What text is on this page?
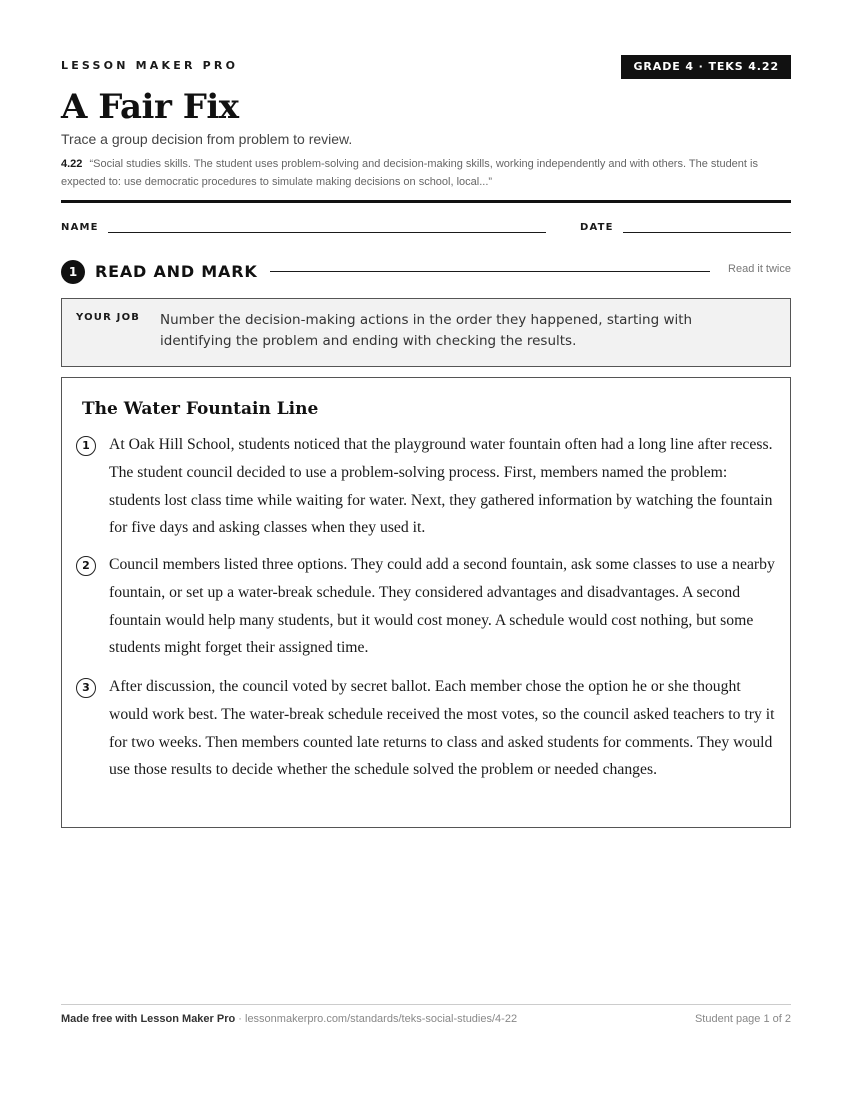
LESSON MAKER PRO	GRADE 4 · TEKS 4.22
A Fair Fix
Trace a group decision from problem to review.
4.22 “Social studies skills. The student uses problem-solving and decision-making skills, working independently and with others. The student is expected to: use democratic procedures to simulate making decisions on school, local...”
NAME	DATE
1	READ AND MARK	Read it twice
YOUR JOB Number the decision-making actions in the order they happened, starting with identifying the problem and ending with checking the results.
The Water Fountain Line
1	At Oak Hill School, students noticed that the playground water fountain often had a long line after recess. The student council decided to use a problem-solving process. First, members named the problem: students lost class time while waiting for water. Next, they gathered information by watching the fountain for five days and asking classes when they used it.
2	Council members listed three options. They could add a second fountain, ask some classes to use a nearby fountain, or set up a water-break schedule. They considered advantages and disadvantages. A second fountain would help many students, but it would cost money. A schedule would cost nothing, but some students might forget their assigned time.
3	After discussion, the council voted by secret ballot. Each member chose the option he or she thought would work best. The water-break schedule received the most votes, so the council asked teachers to try it for two weeks. Then members counted late returns to class and asked students for comments. They would use those results to decide whether the schedule solved the problem or needed changes.
Made free with Lesson Maker Pro · lessonmakerpro.com/standards/teks-social-studies/4-22	Student page 1 of 2
